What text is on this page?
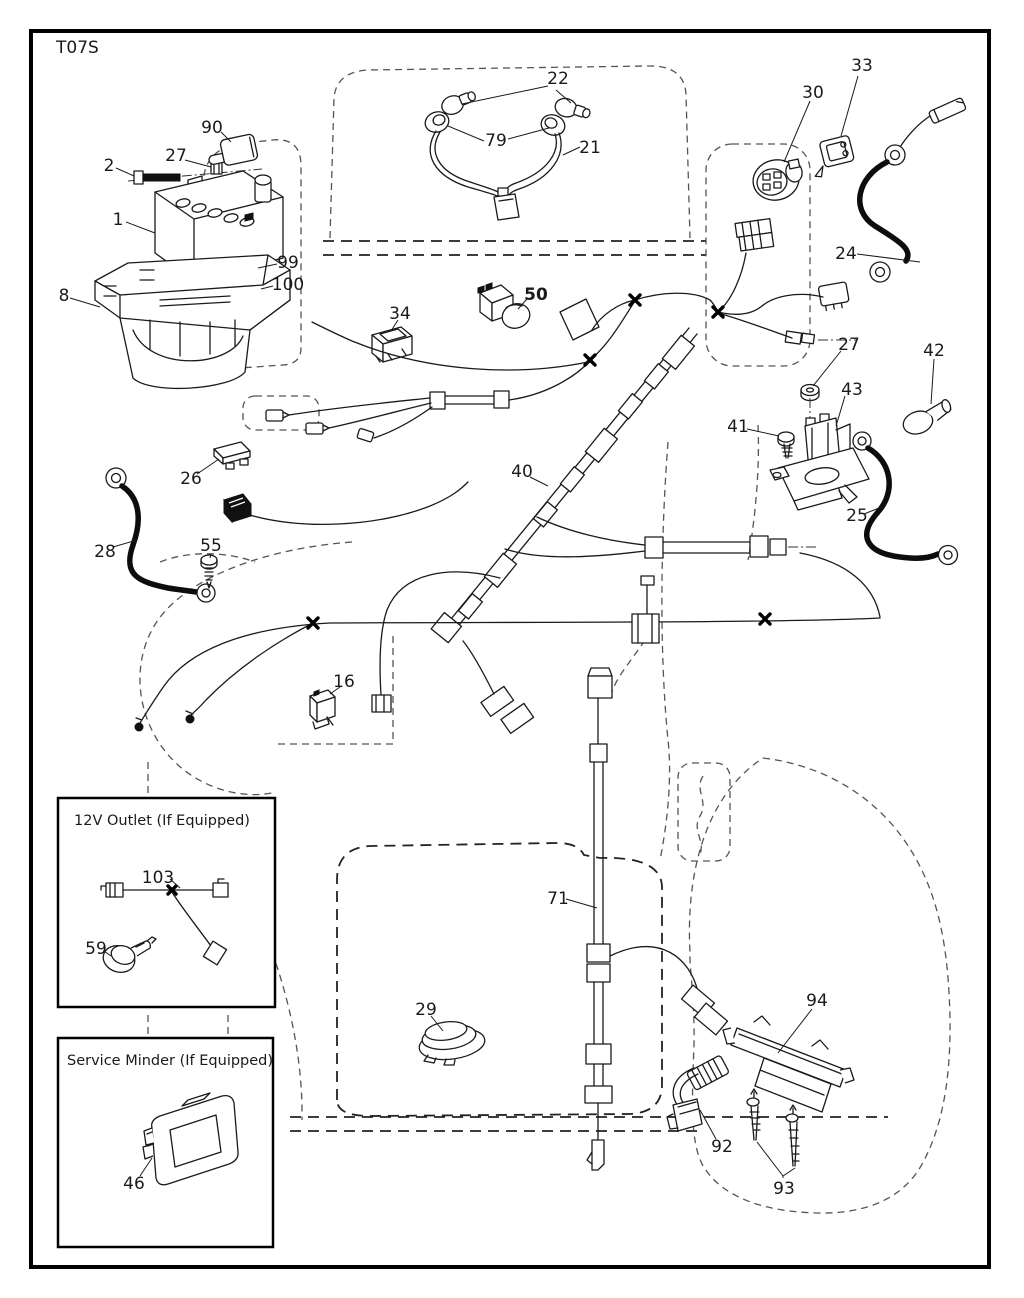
T07S
12V Outlet (If Equipped)
Service Minder (If Equipped)
90
27
2
1
99
100
8
22
79	21
30
33
24
34
50
26	40
27	42
43
41
25
28	55
16
29
71
94
92
93
103
59
46
